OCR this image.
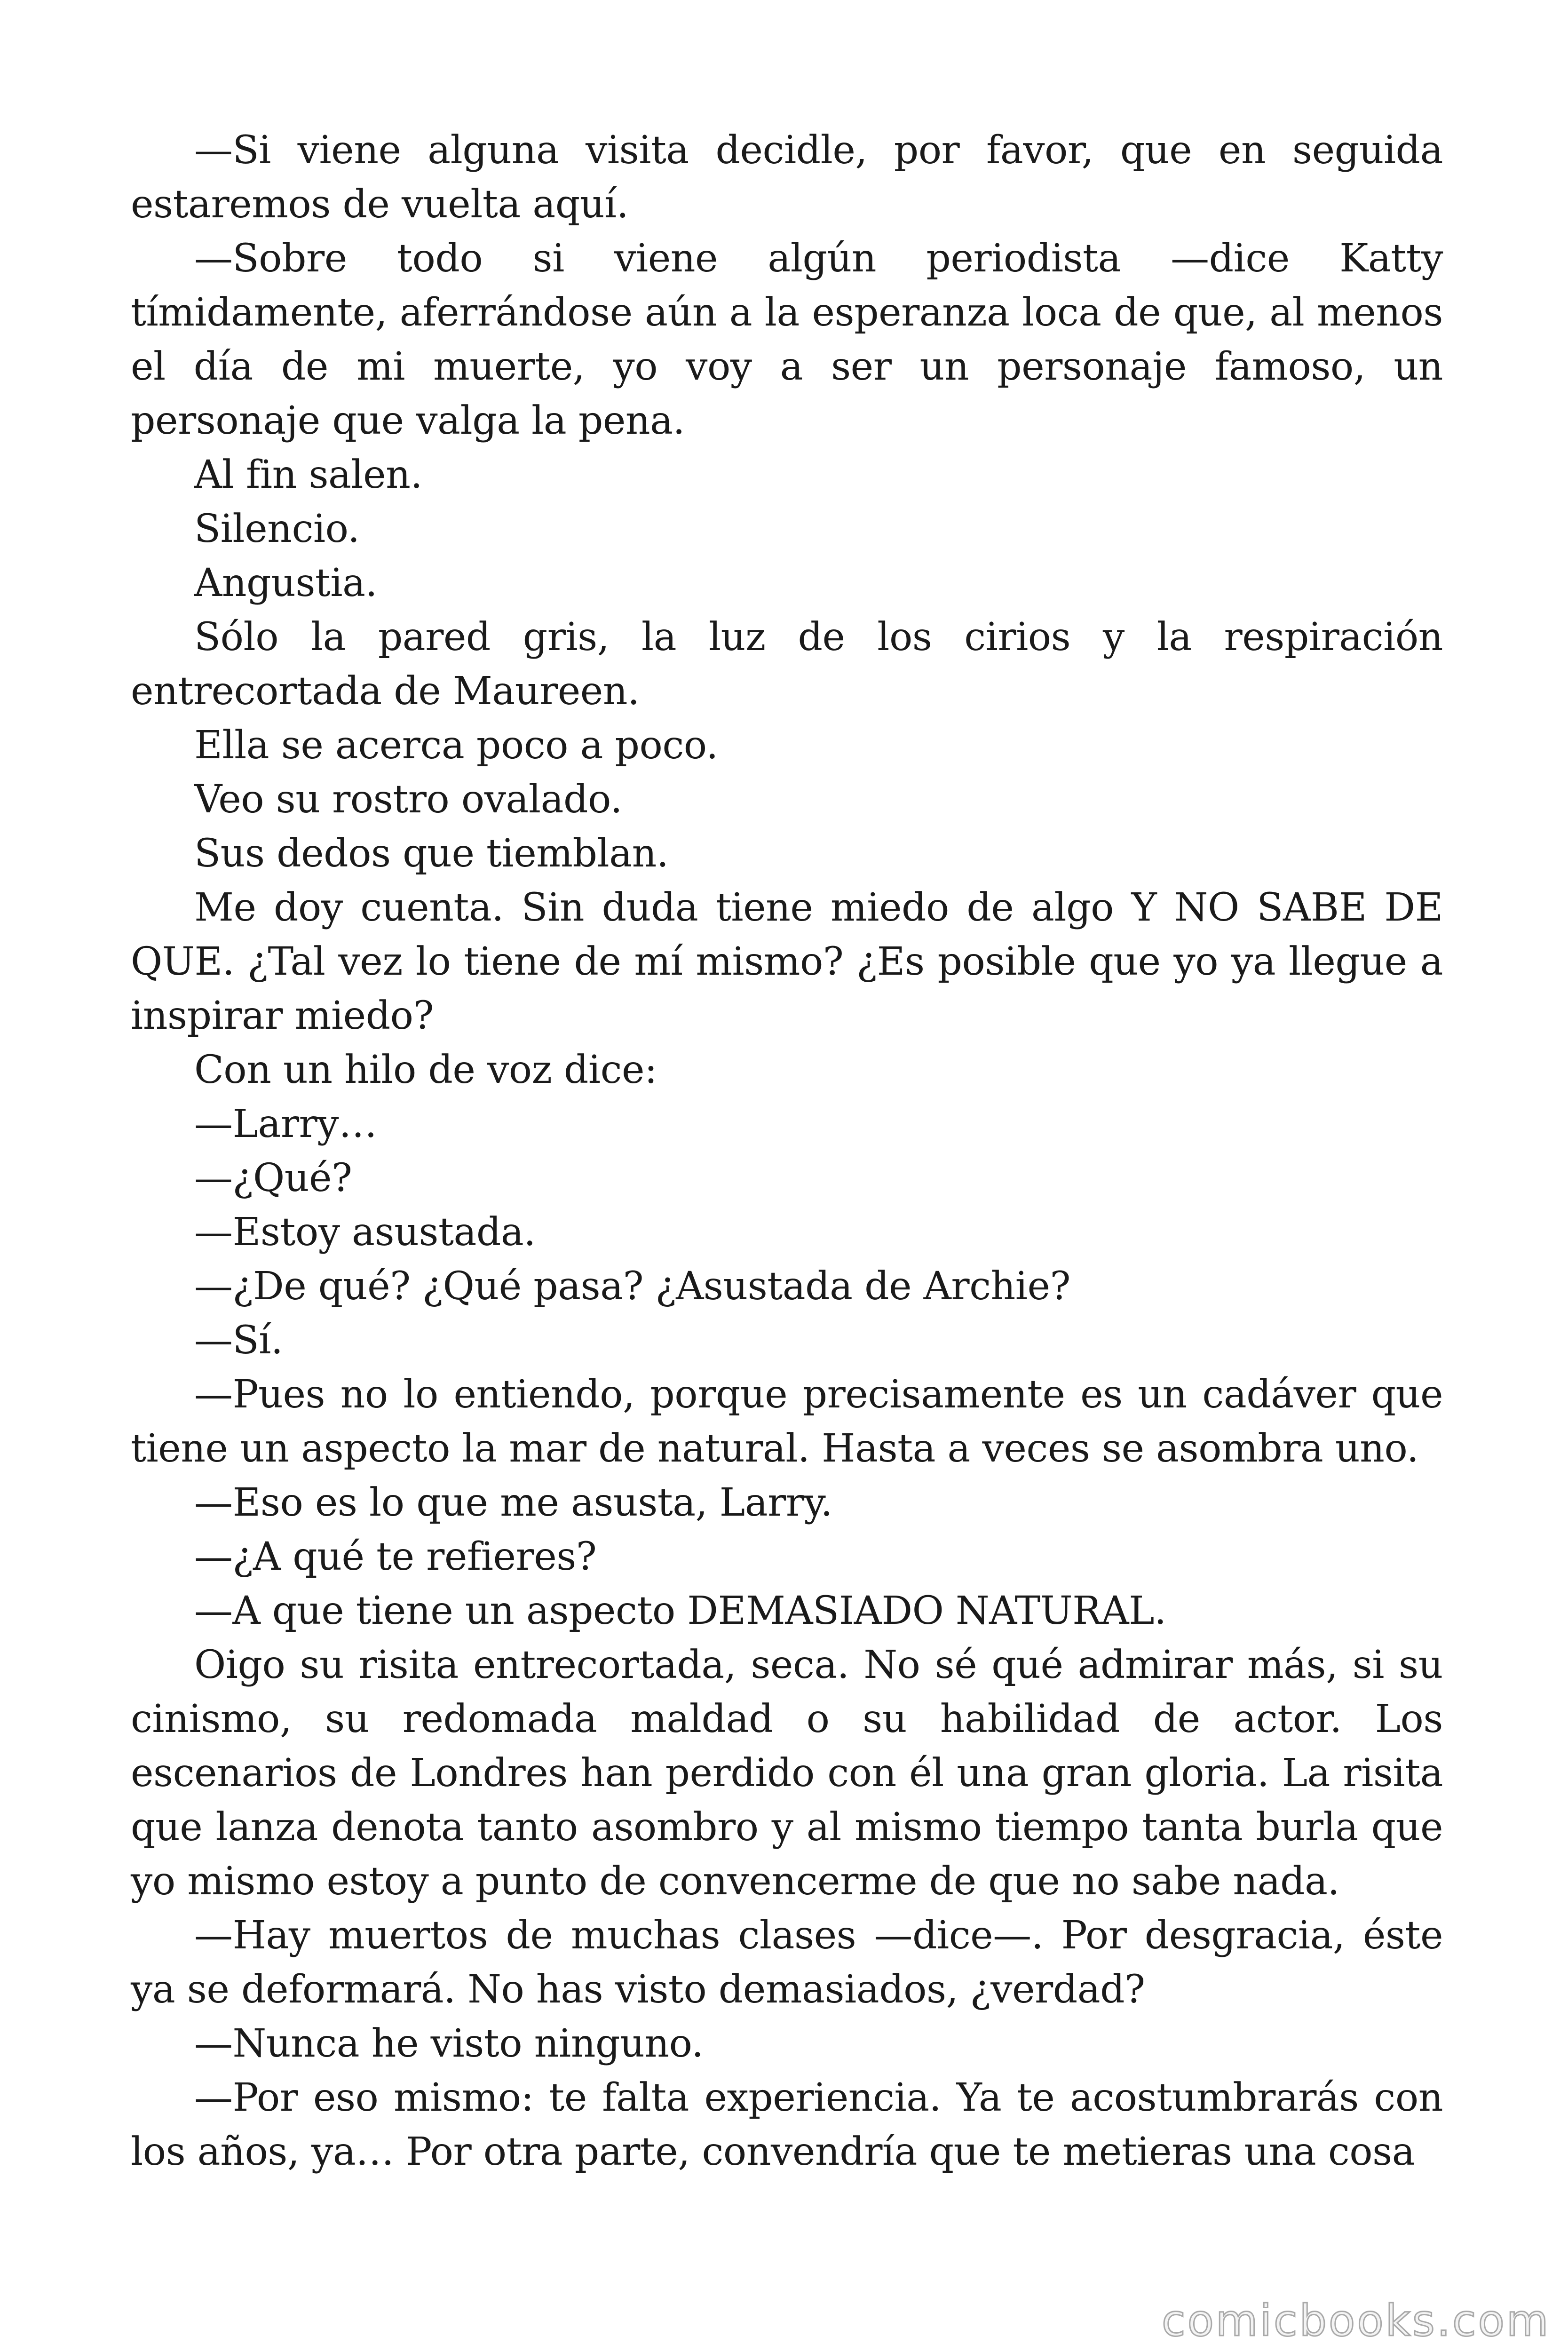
—Si viene alguna visita decidle, por favor, que en seguida estaremos de vuelta aquí.

—Sobre todo si viene algún periodista —dice Katty tímidamente, aferrándose aún a la esperanza loca de que, al menos el día de mi muerte, yo voy a ser un personaje famoso, un personaje que valga la pena.

Al fin salen.

Silencio.

Angustia.

Sólo la pared gris, la luz de los cirios y la respiración entrecortada de Maureen.

Ella se acerca poco a poco.

Veo su rostro ovalado.

Sus dedos que tiemblan.

Me doy cuenta. Sin duda tiene miedo de algo Y NO SABE DE QUE. ¿Tal vez lo tiene de mí mismo? ¿Es posible que yo ya llegue a inspirar miedo?

Con un hilo de voz dice:

—Larry…

—¿Qué?

—Estoy asustada.

—¿De qué? ¿Qué pasa? ¿Asustada de Archie?

—Sí.

—Pues no lo entiendo, porque precisamente es un cadáver que tiene un aspecto la mar de natural. Hasta a veces se asombra uno.

—Eso es lo que me asusta, Larry.

—¿A qué te refieres?

—A que tiene un aspecto DEMASIADO NATURAL.

Oigo su risita entrecortada, seca. No sé qué admirar más, si su cinismo, su redomada maldad o su habilidad de actor. Los escenarios de Londres han perdido con él una gran gloria. La risita que lanza denota tanto asombro y al mismo tiempo tanta burla que yo mismo estoy a punto de convencerme de que no sabe nada.

—Hay muertos de muchas clases —dice—. Por desgracia, éste ya se deformará. No has visto demasiados, ¿verdad?

—Nunca he visto ninguno.

—Por eso mismo: te falta experiencia. Ya te acostumbrarás con los años, ya… Por otra parte, convendría que te metieras una cosa

comicbooks.com
